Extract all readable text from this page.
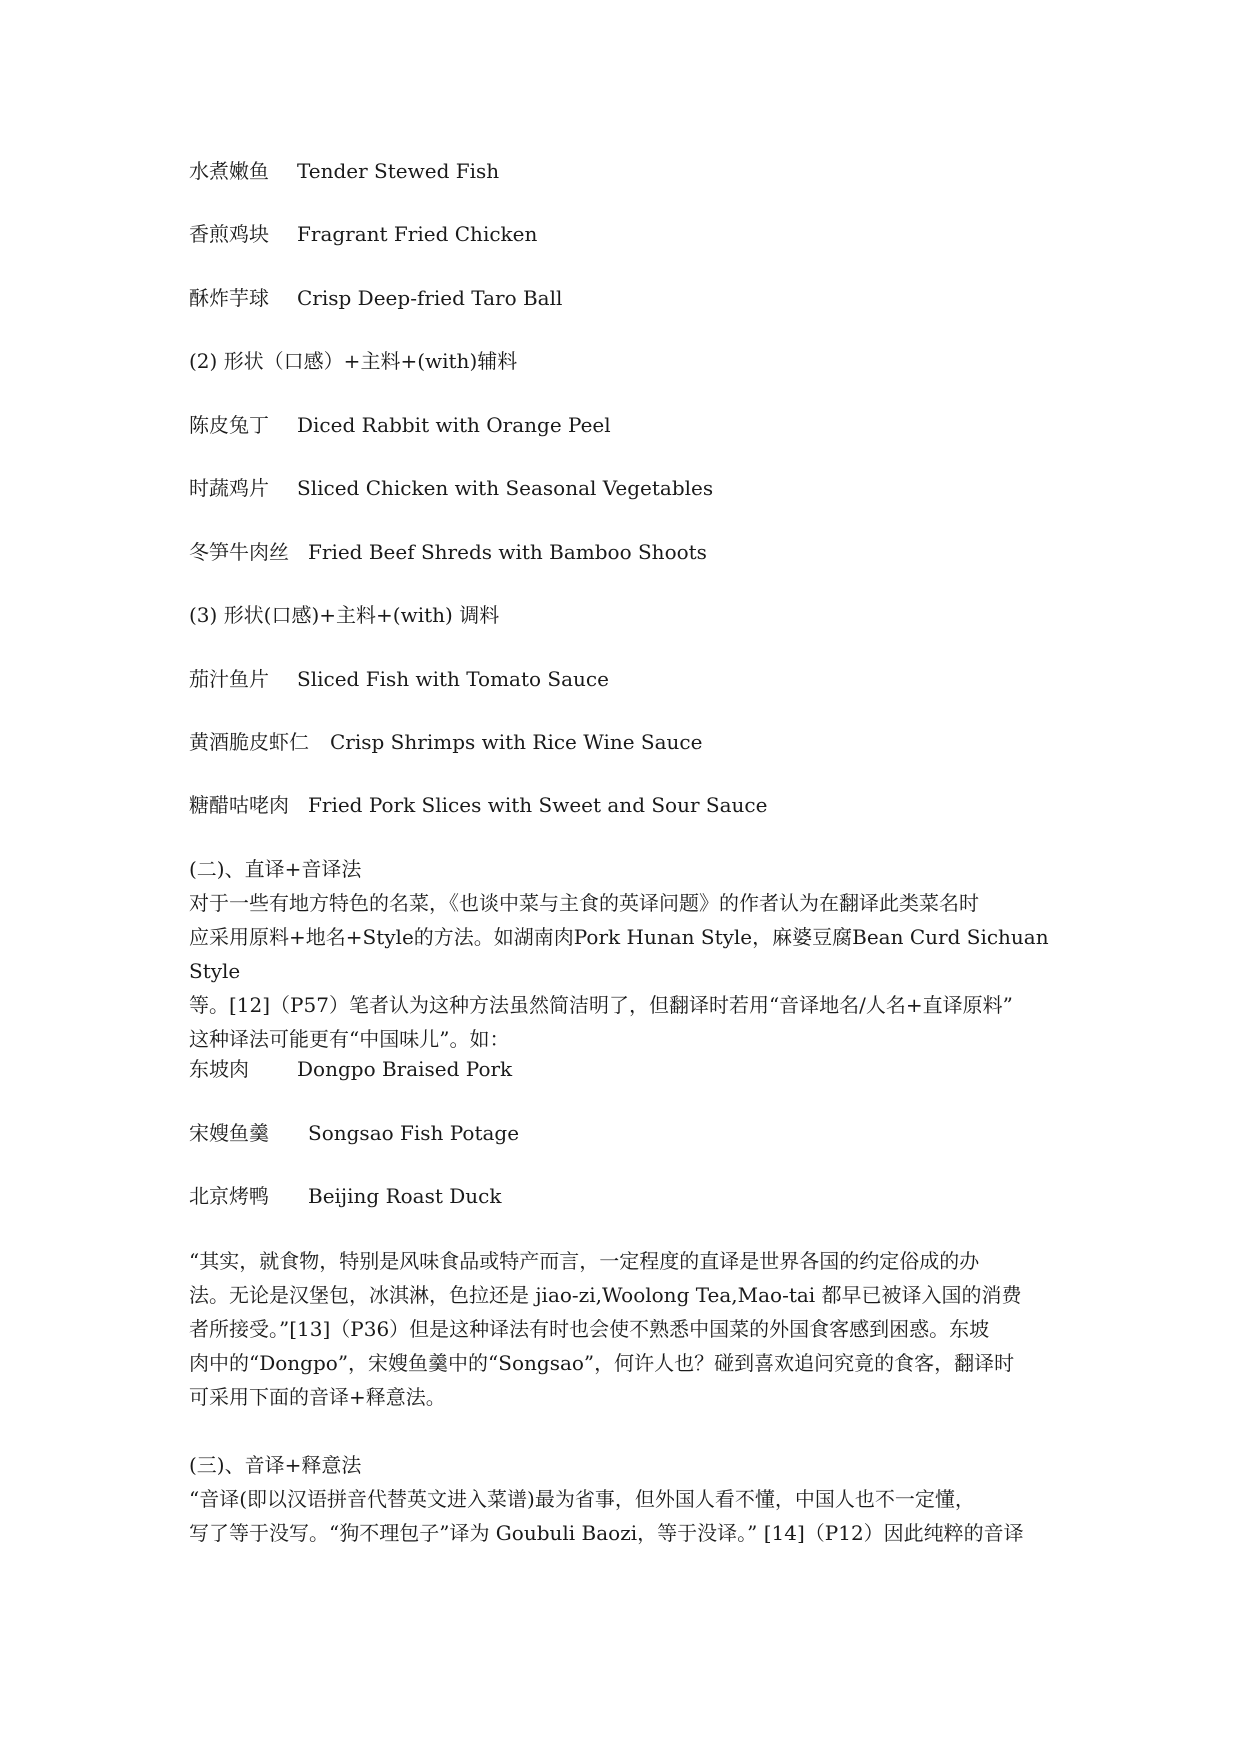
水煮嫩鱼 Tender Stewed Fish
香煎鸡块 Fragrant Fried Chicken
酥炸芋球 Crisp Deep-fried Taro Ball
(2) 形状（口感）+主料+(with)辅料
陈皮兔丁 Diced Rabbit with Orange Peel
时蔬鸡片 Sliced Chicken with Seasonal Vegetables
冬笋牛肉丝 Fried Beef Shreds with Bamboo Shoots
(3) 形状(口感)+主料+(with) 调料
茄汁鱼片 Sliced Fish with Tomato Sauce
黄酒脆皮虾仁 Crisp Shrimps with Rice Wine Sauce
糖醋咕咾肉 Fried Pork Slices with Sweet and Sour Sauce

(二)、直译+音译法

对于一些有地方特色的名菜，《也谈中菜与主食的英译问题》的作者认为在翻译此类菜名时

应采用原料+地名+Style的方法。如湖南肉Pork Hunan Style，麻婆豆腐Bean Curd Sichuan Style

等。[12]（P57）笔者认为这种方法虽然简洁明了，但翻译时若用“音译地名/人名+直译原料”

这种译法可能更有“中国味儿”。如：

东坡肉 Dongpo Braised Pork
宋嫂鱼羹 Songsao Fish Potage
北京烤鸭 Beijing Roast Duck

“其实，就食物，特别是风味食品或特产而言，一定程度的直译是世界各国的约定俗成的办

法。无论是汉堡包，冰淇淋，色拉还是 jiao-zi,Woolong Tea,Mao-tai 都早已被译入国的消费

者所接受。”[13]（P36）但是这种译法有时也会使不熟悉中国菜的外国食客感到困惑。东坡

肉中的“Dongpo”，宋嫂鱼羹中的“Songsao”，何许人也？碰到喜欢追问究竟的食客，翻译时

可采用下面的音译+释意法。

(三)、音译+释意法

“音译(即以汉语拼音代替英文进入菜谱)最为省事，但外国人看不懂，中国人也不一定懂，

写了等于没写。“狗不理包子”译为 Goubuli Baozi，等于没译。” [14]（P12）因此纯粹的音译
